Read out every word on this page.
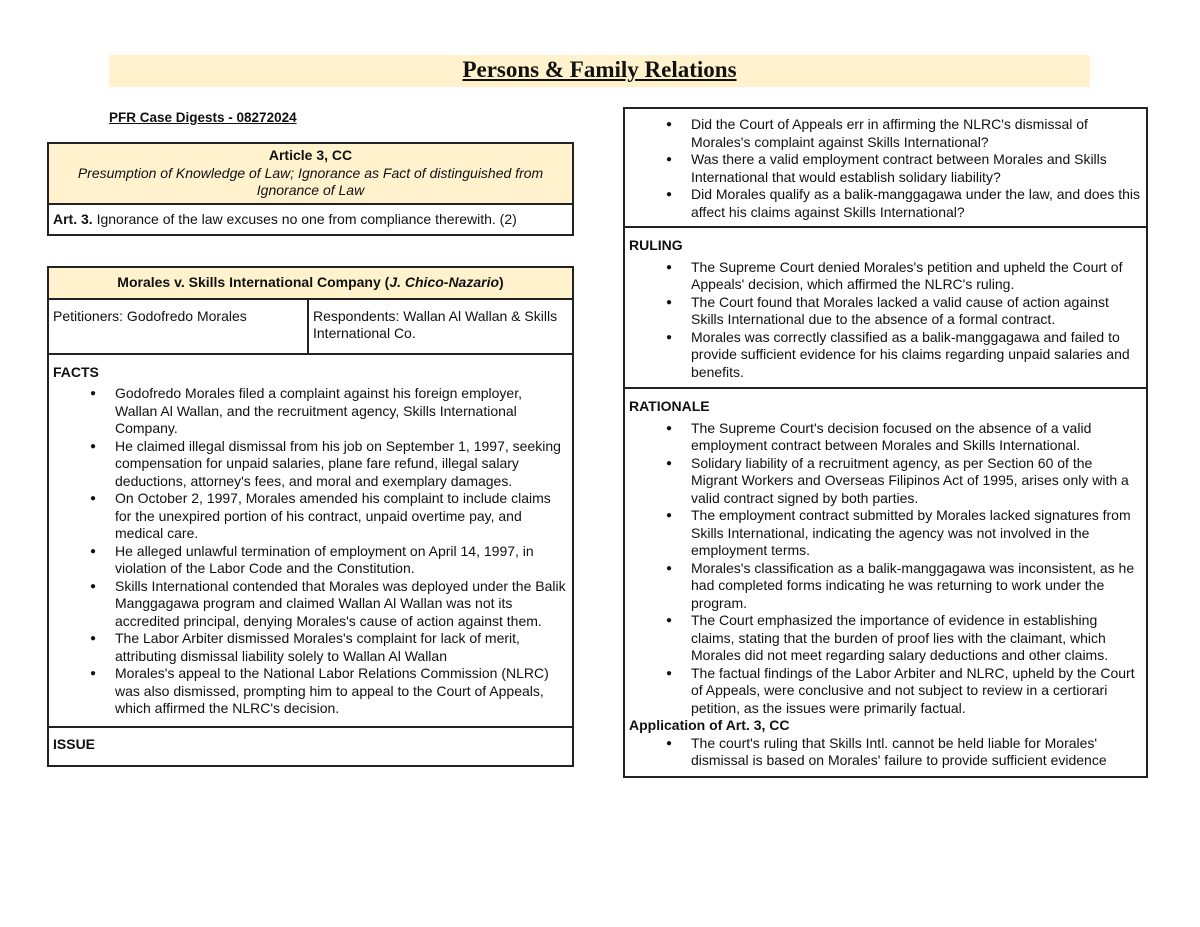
Persons & Family Relations
PFR Case Digests - 08272024
Article 3, CC
Presumption of Knowledge of Law; Ignorance as Fact of distinguished from Ignorance of Law
Art. 3. Ignorance of the law excuses no one from compliance therewith. (2)
Morales v. Skills International Company (J. Chico-Nazario)
Petitioners: Godofredo Morales	Respondents: Wallan Al Wallan & Skills International Co.

FACTS
● Godofredo Morales filed a complaint against his foreign employer, Wallan Al Wallan, and the recruitment agency, Skills International Company.
● He claimed illegal dismissal from his job on September 1, 1997, seeking compensation for unpaid salaries, plane fare refund, illegal salary deductions, attorney's fees, and moral and exemplary damages.
● On October 2, 1997, Morales amended his complaint to include claims for the unexpired portion of his contract, unpaid overtime pay, and medical care.
● He alleged unlawful termination of employment on April 14, 1997, in violation of the Labor Code and the Constitution.
● Skills International contended that Morales was deployed under the Balik Manggagawa program and claimed Wallan Al Wallan was not its accredited principal, denying Morales's cause of action against them.
● The Labor Arbiter dismissed Morales's complaint for lack of merit, attributing dismissal liability solely to Wallan Al Wallan
● Morales's appeal to the National Labor Relations Commission (NLRC) was also dismissed, prompting him to appeal to the Court of Appeals, which affirmed the NLRC's decision.

ISSUE
● Did the Court of Appeals err in affirming the NLRC's dismissal of Morales's complaint against Skills International?
● Was there a valid employment contract between Morales and Skills International that would establish solidary liability?
● Did Morales qualify as a balik-manggagawa under the law, and does this affect his claims against Skills International?

RULING
● The Supreme Court denied Morales's petition and upheld the Court of Appeals' decision, which affirmed the NLRC's ruling.
● The Court found that Morales lacked a valid cause of action against Skills International due to the absence of a formal contract.
● Morales was correctly classified as a balik-manggagawa and failed to provide sufficient evidence for his claims regarding unpaid salaries and benefits.

RATIONALE
● The Supreme Court's decision focused on the absence of a valid employment contract between Morales and Skills International.
● Solidary liability of a recruitment agency, as per Section 60 of the Migrant Workers and Overseas Filipinos Act of 1995, arises only with a valid contract signed by both parties.
● The employment contract submitted by Morales lacked signatures from Skills International, indicating the agency was not involved in the employment terms.
● Morales's classification as a balik-manggagawa was inconsistent, as he had completed forms indicating he was returning to work under the program.
● The Court emphasized the importance of evidence in establishing claims, stating that the burden of proof lies with the claimant, which Morales did not meet regarding salary deductions and other claims.
● The factual findings of the Labor Arbiter and NLRC, upheld by the Court of Appeals, were conclusive and not subject to review in a certiorari petition, as the issues were primarily factual.
Application of Art. 3, CC
● The court's ruling that Skills Intl. cannot be held liable for Morales' dismissal is based on Morales' failure to provide sufficient evidence
